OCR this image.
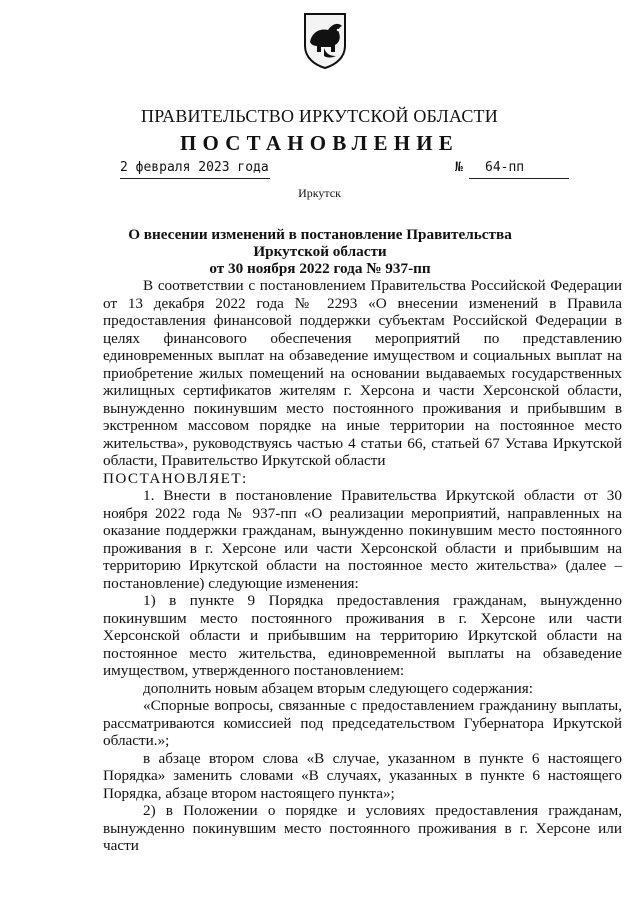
ПРАВИТЕЛЬСТВО ИРКУТСКОЙ ОБЛАСТИ
ПОСТАНОВЛЕНИЕ
2 февраля 2023 года	№ 64-пп
Иркутск
О внесении изменений в постановление Правительства Иркутской области
от 30 ноября 2022 года № 937-пп

В соответствии с постановлением Правительства Российской Федерации от 13 декабря 2022 года № 2293 «О внесении изменений в Правила предоставления финансовой поддержки субъектам Российской Федерации в целях финансового обеспечения мероприятий по представлению единовременных выплат на обзаведение имуществом и социальных выплат на приобретение жилых помещений на основании выдаваемых государственных жилищных сертификатов жителям г. Херсона и части Херсонской области, вынужденно покинувшим место постоянного проживания и прибывшим в экстренном массовом порядке на иные территории на постоянное место жительства», руководствуясь частью 4 статьи 66, статьей 67 Устава Иркутской области, Правительство Иркутской области

ПОСТАНОВЛЯЕТ:

1. Внести в постановление Правительства Иркутской области от 30 ноября 2022 года № 937-пп «О реализации мероприятий, направленных на оказание поддержки гражданам, вынужденно покинувшим место постоянного проживания в г. Херсоне или части Херсонской области и прибывшим на территорию Иркутской области на постоянное место жительства» (далее – постановление) следующие изменения:

1) в пункте 9 Порядка предоставления гражданам, вынужденно покинувшим место постоянного проживания в г. Херсоне или части Херсонской области и прибывшим на территорию Иркутской области на постоянное место жительства, единовременной выплаты на обзаведение имуществом, утвержденного постановлением:

дополнить новым абзацем вторым следующего содержания:

«Спорные вопросы, связанные с предоставлением гражданину выплаты, рассматриваются комиссией под председательством Губернатора Иркутской области.»;

в абзаце втором слова «В случае, указанном в пункте 6 настоящего Порядка» заменить словами «В случаях, указанных в пункте 6 настоящего Порядка, абзаце втором настоящего пункта»;

2) в Положении о порядке и условиях предоставления гражданам, вынужденно покинувшим место постоянного проживания в г. Херсоне или части
